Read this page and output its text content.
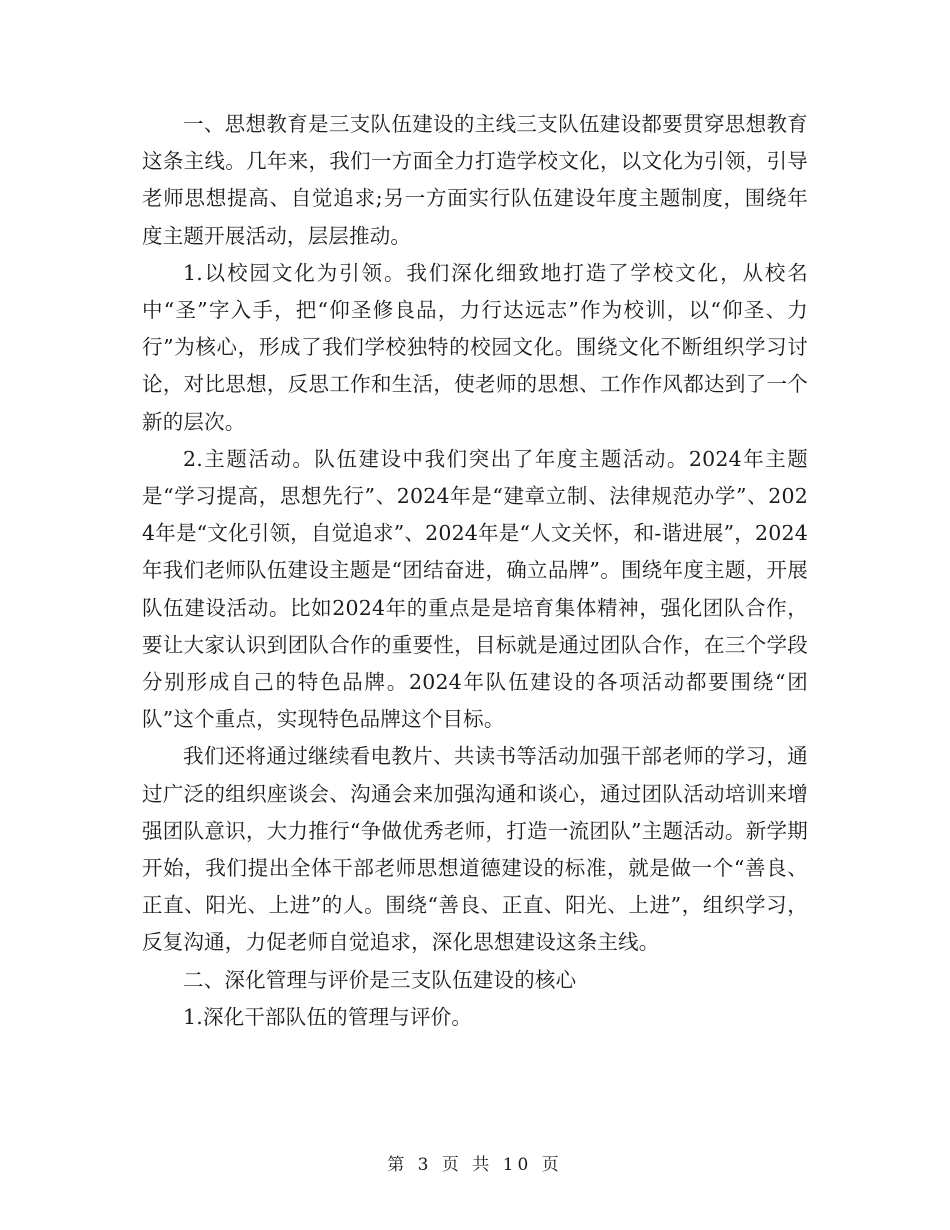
一、思想教育是三支队伍建设的主线三支队伍建设都要贯穿思想教育这条主线。几年来，我们一方面全力打造学校文化，以文化为引领，引导老师思想提高、自觉追求;另一方面实行队伍建设年度主题制度，围绕年度主题开展活动，层层推动。

1.以校园文化为引领。我们深化细致地打造了学校文化，从校名中“圣”字入手，把“仰圣修良品，力行达远志”作为校训，以“仰圣、力行”为核心，形成了我们学校独特的校园文化。围绕文化不断组织学习讨论，对比思想，反思工作和生活，使老师的思想、工作作风都达到了一个新的层次。

2.主题活动。队伍建设中我们突出了年度主题活动。2024年主题是“学习提高，思想先行”、2024年是“建章立制、法律规范办学”、2024年是“文化引领，自觉追求”、2024年是“人文关怀，和-谐进展”，2024年我们老师队伍建设主题是“团结奋进，确立品牌”。围绕年度主题，开展队伍建设活动。比如2024年的重点是是培育集体精神，强化团队合作，要让大家认识到团队合作的重要性，目标就是通过团队合作，在三个学段分别形成自己的特色品牌。2024年队伍建设的各项活动都要围绕“团队”这个重点，实现特色品牌这个目标。

我们还将通过继续看电教片、共读书等活动加强干部老师的学习，通过广泛的组织座谈会、沟通会来加强沟通和谈心，通过团队活动培训来增强团队意识，大力推行“争做优秀老师，打造一流团队”主题活动。新学期开始，我们提出全体干部老师思想道德建设的标准，就是做一个“善良、正直、阳光、上进”的人。围绕“善良、正直、阳光、上进”，组织学习，反复沟通，力促老师自觉追求，深化思想建设这条主线。

二、深化管理与评价是三支队伍建设的核心

1.深化干部队伍的管理与评价。

第 3 页 共 10 页
